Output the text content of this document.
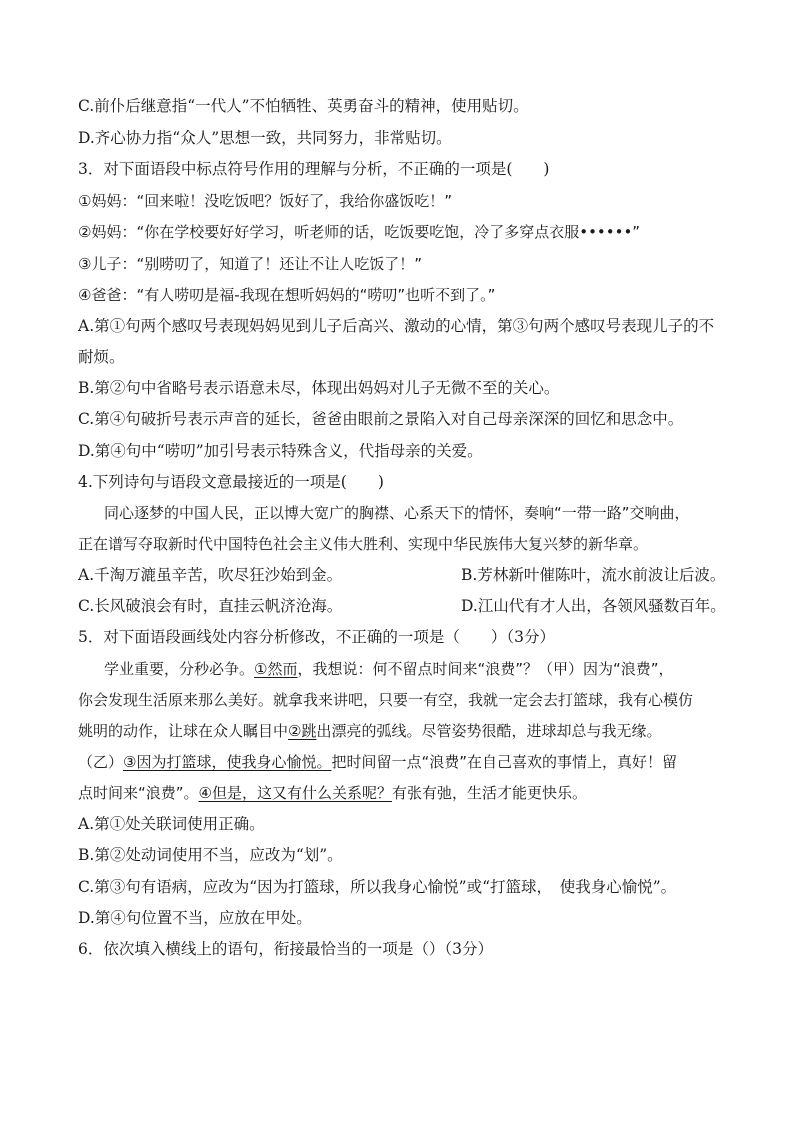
C.前仆后继意指“一代人”不怕牺牲、英勇奋斗的精神，使用贴切。
D.齐心协力指“众人”思想一致，共同努力，非常贴切。
3．对下面语段中标点符号作用的理解与分析，不正确的一项是(　　)
①妈妈：“回来啦！没吃饭吧？饭好了，我给你盛饭吃！”
②妈妈：“你在学校要好好学习，听老师的话，吃饭要吃饱，冷了多穿点衣服••••••”
③儿子：“别唠叨了，知道了！还让不让人吃饭了！”
④爸爸：“有人唠叨是福-我现在想听妈妈的“唠叨”也听不到了。”
A.第①句两个感叹号表现妈妈见到儿子后高兴、激动的心情，第③句两个感叹号表现儿子的不
耐烦。
B.第②句中省略号表示语意未尽，体现出妈妈对儿子无微不至的关心。
C.第④句破折号表示声音的延长，爸爸由眼前之景陷入对自己母亲深深的回忆和思念中。
D.第④句中“唠叨”加引号表示特殊含义，代指母亲的关爱。
4.下列诗句与语段文意最接近的一项是(　　)
同心逐梦的中国人民，正以博大宽广的胸襟、心系天下的情怀，奏响“一带一路”交响曲，
正在谱写夺取新时代中国特色社会主义伟大胜利、实现中华民族伟大复兴梦的新华章。
A.千淘万漉虽辛苦，吹尽狂沙始到金。	B.芳林新叶催陈叶，流水前波让后波。
C.长风破浪会有时，直挂云帆济沧海。	D.江山代有才人出，各领风骚数百年。
5．对下面语段画线处内容分析修改，不正确的一项是（　　）（3分）
学业重要，分秒必争。①然而，我想说：何不留点时间来“浪费”？（甲）因为“浪费”，
你会发现生活原来那么美好。就拿我来讲吧，只要一有空，我就一定会去打篮球，我有心模仿
姚明的动作，让球在众人瞩目中②跳出漂亮的弧线。尽管姿势很酷，进球却总与我无缘。
（乙）③因为打篮球，使我身心愉悦。把时间留一点“浪费”在自己喜欢的事情上，真好！留
点时间来“浪费”。④但是，这又有什么关系呢？有张有弛，生活才能更快乐。
A.第①处关联词使用正确。
B.第②处动词使用不当，应改为“划”。
C.第③句有语病，应改为“因为打篮球，所以我身心愉悦”或“打篮球，　使我身心愉悦”。
D.第④句位置不当，应放在甲处。
6．依次填入横线上的语句，衔接最恰当的一项是（）（3分）
